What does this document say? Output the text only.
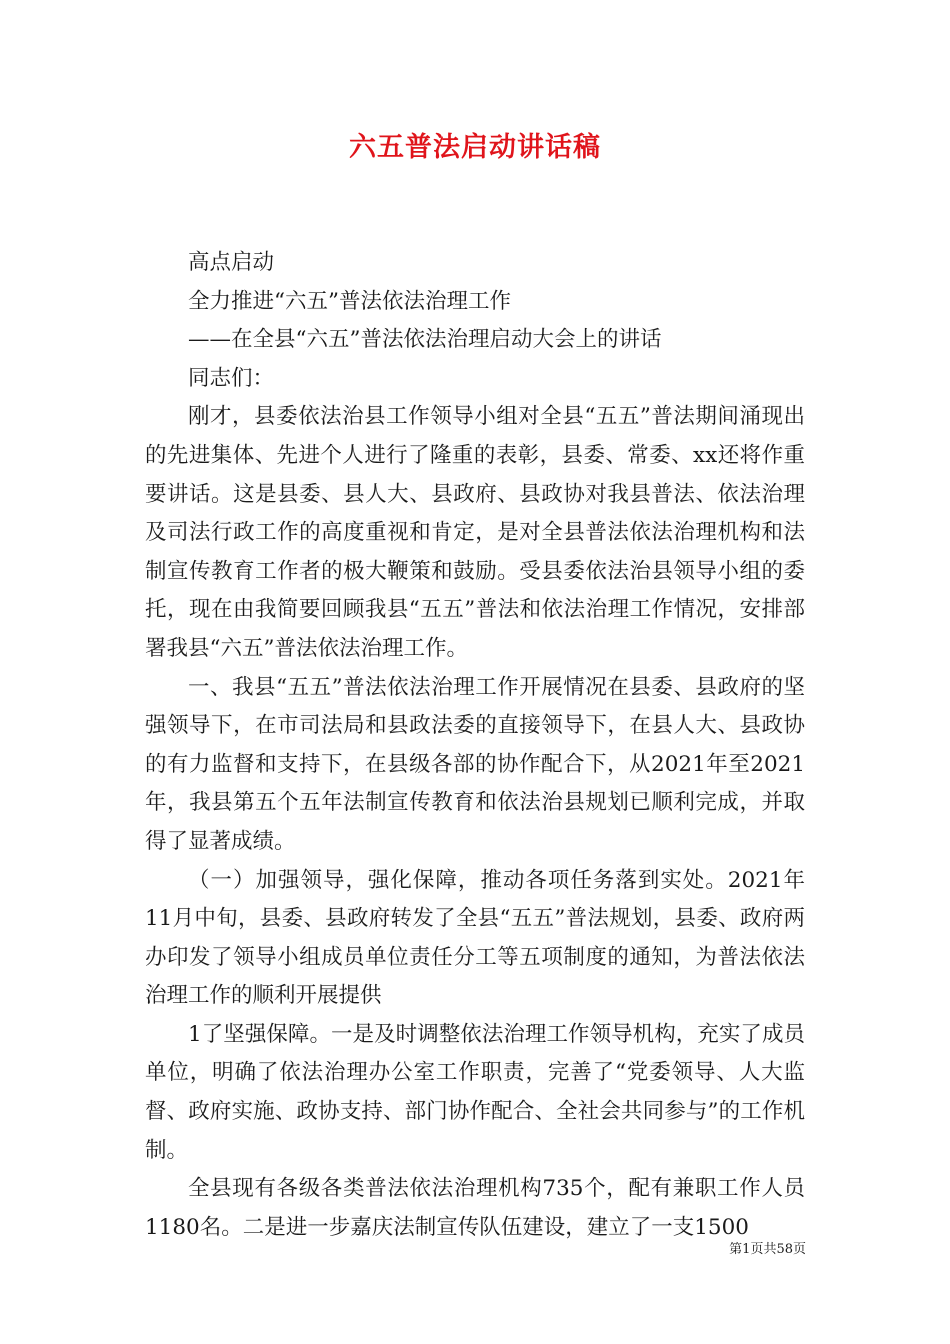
六五普法启动讲话稿

高点启动

全力推进“六五”普法依法治理工作

——在全县“六五”普法依法治理启动大会上的讲话

同志们：

刚才，县委依法治县工作领导小组对全县“五五”普法期间涌现出的先进集体、先进个人进行了隆重的表彰，县委、常委、xx还将作重要讲话。这是县委、县人大、县政府、县政协对我县普法、依法治理及司法行政工作的高度重视和肯定，是对全县普法依法治理机构和法制宣传教育工作者的极大鞭策和鼓励。受县委依法治县领导小组的委托，现在由我简要回顾我县“五五”普法和依法治理工作情况，安排部署我县“六五”普法依法治理工作。

一、我县“五五”普法依法治理工作开展情况在县委、县政府的坚强领导下，在市司法局和县政法委的直接领导下，在县人大、县政协的有力监督和支持下，在县级各部的协作配合下，从2021年至2021年，我县第五个五年法制宣传教育和依法治县规划已顺利完成，并取得了显著成绩。

（一）加强领导，强化保障，推动各项任务落到实处。2021年11月中旬，县委、县政府转发了全县“五五”普法规划，县委、政府两办印发了领导小组成员单位责任分工等五项制度的通知，为普法依法治理工作的顺利开展提供

1了坚强保障。一是及时调整依法治理工作领导机构，充实了成员单位，明确了依法治理办公室工作职责，完善了“党委领导、人大监督、政府实施、政协支持、部门协作配合、全社会共同参与”的工作机制。

全县现有各级各类普法依法治理机构735个，配有兼职工作人员1180名。二是进一步嘉庆法制宣传队伍建设，建立了一支1500

第1页共58页
